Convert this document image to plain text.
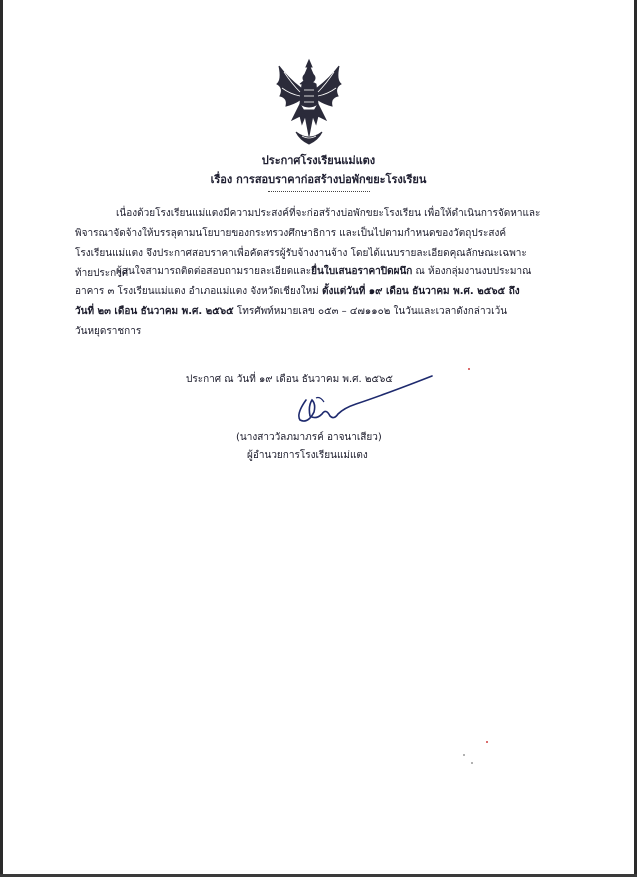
ประกาศโรงเรียนแม่แตง
เรื่อง การสอบราคาก่อสร้างบ่อพักขยะโรงเรียน
เนื่องด้วยโรงเรียนแม่แตงมีความประสงค์ที่จะก่อสร้างบ่อพักขยะโรงเรียน เพื่อให้ดำเนินการจัดหาและ
พิจารณาจัดจ้างให้บรรลุตามนโยบายของกระทรวงศึกษาธิการ และเป็นไปตามกำหนดของวัตถุประสงค์
โรงเรียนแม่แตง จึงประกาศสอบราคาเพื่อคัดสรรผู้รับจ้างงานจ้าง โดยได้แนบรายละเอียดคุณลักษณะเฉพาะ
ท้ายประกาศ
ผู้สนใจสามารถติดต่อสอบถามรายละเอียดและยื่นใบเสนอราคาปิดผนึก ณ ห้องกลุ่มงานงบประมาณ
อาคาร ๓ โรงเรียนแม่แตง อำเภอแม่แตง จังหวัดเชียงใหม่ ตั้งแต่วันที่ ๑๙ เดือน ธันวาคม พ.ศ. ๒๕๖๕ ถึง
วันที่ ๒๓ เดือน ธันวาคม พ.ศ. ๒๕๖๕ โทรศัพท์หมายเลข ๐๕๓ – ๔๗๑๑๐๒ ในวันและเวลาดังกล่าวเว้น
วันหยุดราชการ
ประกาศ ณ วันที่ ๑๙ เดือน ธันวาคม พ.ศ. ๒๕๖๕
(นางสาววัลภมาภรค์ อาจนาเสียว)
ผู้อำนวยการโรงเรียนแม่แตง
